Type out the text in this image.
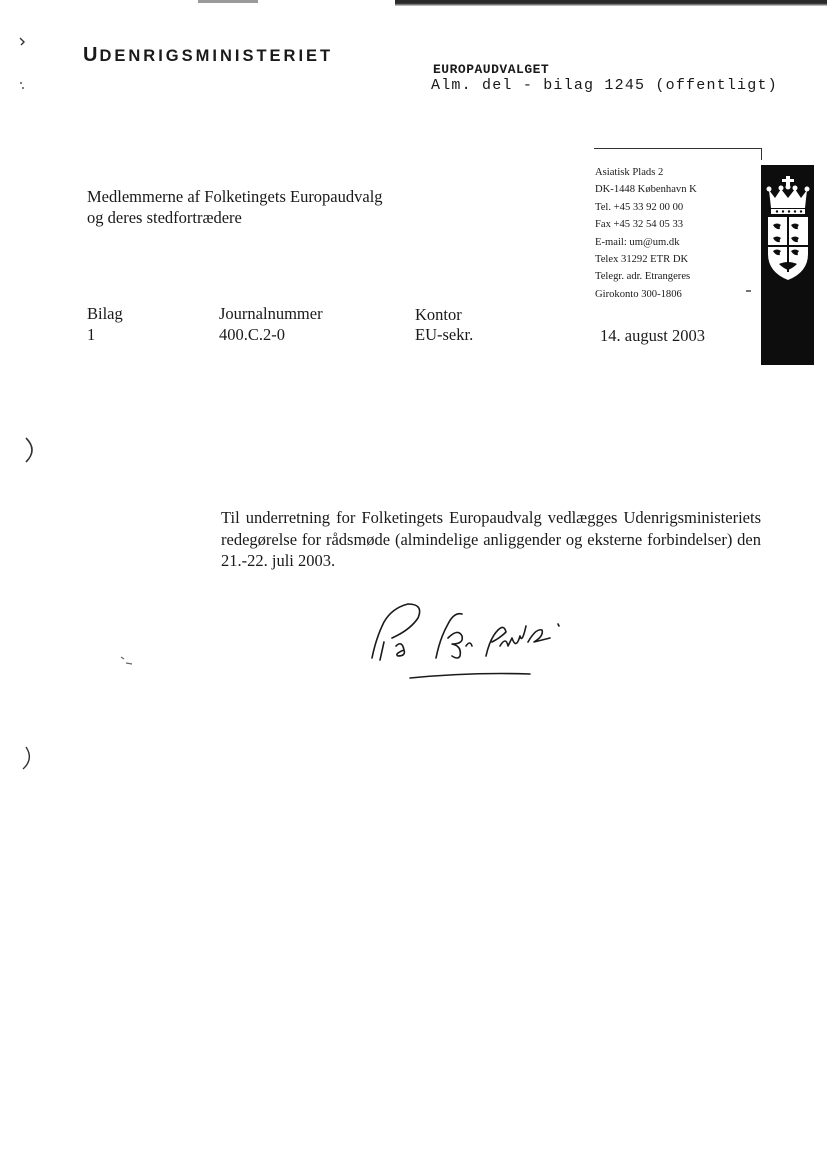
UDENRIGSMINISTERIET
EUROPAUDVALGET
Alm. del - bilag 1245 (offentligt)
Medlemmerne af Folketingets Europaudvalg
og deres stedfortrædere
Asiatisk Plads 2
DK-1448 København K
Tel. +45 33 92 00 00
Fax +45 32 54 05 33
E-mail: um@um.dk
Telex 31292 ETR DK
Telegr. adr. Etrangeres
Girokonto 300-1806
Bilag
1
Journalnummer
400.C.2-0
Kontor
EU-sekr.	14. august 2003
Til underretning for Folketingets Europaudvalg vedlægges Udenrigsministeriets redegørelse for rådsmøde (almindelige anliggender og eksterne forbindelser) den 21.-22. juli 2003.
